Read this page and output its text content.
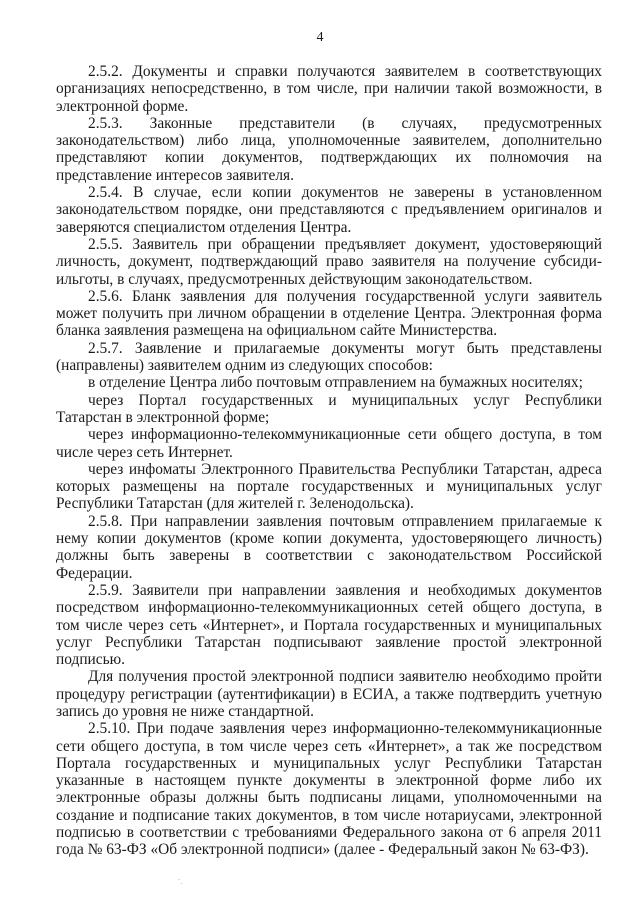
4

2.5.2. Документы и справки получаются заявителем в соответствующих организациях непосредственно, в том числе, при наличии такой возможности, в электронной форме.

2.5.3. Законные представители (в случаях, предусмотренных законодательством) либо лица, уполномоченные заявителем, дополнительно представляют копии документов, подтверждающих их полномочия на представление интересов заявителя.

2.5.4. В случае, если копии документов не заверены в установленном законодательством порядке, они представляются с предъявлением оригиналов и заверяются специалистом отделения Центра.

2.5.5. Заявитель при обращении предъявляет документ, удостоверяющий личность, документ, подтверждающий право заявителя на получение субсидиильготы, в случаях, предусмотренных действующим законодательством.

2.5.6. Бланк заявления для получения государственной услуги заявитель может получить при личном обращении в отделение Центра. Электронная форма бланка заявления размещена на официальном сайте Министерства.

2.5.7. Заявление и прилагаемые документы могут быть представлены (направлены) заявителем одним из следующих способов:

в отделение Центра либо почтовым отправлением на бумажных носителях;

через Портал государственных и муниципальных услуг Республики Татарстан в электронной форме;

через информационно-телекоммуникационные сети общего доступа, в том числе через сеть Интернет.

через инфоматы Электронного Правительства Республики Татарстан, адреса которых размещены на портале государственных и муниципальных услуг Республики Татарстан (для жителей г. Зеленодольска).

2.5.8. При направлении заявления почтовым отправлением прилагаемые к нему копии документов (кроме копии документа, удостоверяющего личность) должны быть заверены в соответствии с законодательством Российской Федерации.

2.5.9. Заявители при направлении заявления и необходимых документов посредством информационно-телекоммуникационных сетей общего доступа, в том числе через сеть «Интернет», и Портала государственных и муниципальных услуг Республики Татарстан подписывают заявление простой электронной подписью.

Для получения простой электронной подписи заявителю необходимо пройти процедуру регистрации (аутентификации) в ЕСИА, а также подтвердить учетную запись до уровня не ниже стандартной.

2.5.10. При подаче заявления через информационно-телекоммуникационные сети общего доступа, в том числе через сеть «Интернет», а так же посредством Портала государственных и муниципальных услуг Республики Татарстан указанные в настоящем пункте документы в электронной форме либо их электронные образы должны быть подписаны лицами, уполномоченными на создание и подписание таких документов, в том числе нотариусами, электронной подписью в соответствии с требованиями Федерального закона от 6 апреля 2011 года № 63-ФЗ «Об электронной подписи» (далее - Федеральный закон № 63-ФЗ).

`.
